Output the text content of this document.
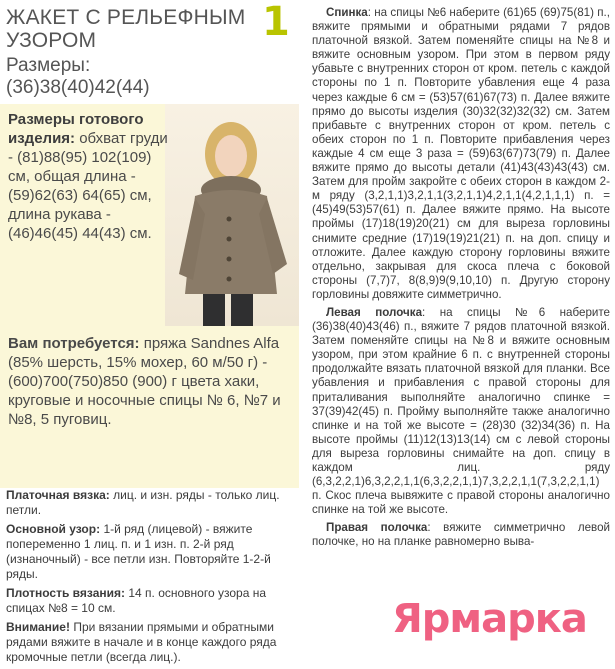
ЖАКЕТ С РЕЛЬЕФНЫМ УЗОРОМ	1
Размеры:
(36)38(40)42(44)
Размеры готового изделия: обхват груди - (81)88(95) 102(109) см, общая длина - (59)62(63) 64(65) см, длина рукава - (46)46(45) 44(43) см.
Вам потребуется: пряжа Sandnes Alfa (85% шерсть, 15% мохер, 60 м/50 г) - (600)700(750)850 (900) г цвета хаки, круговые и носочные спицы № 6, №7 и №8, 5 пуговиц.

Платочная вязка: лиц. и изн. ряды - только лиц. петли.

Основной узор: 1-й ряд (лицевой) - вяжите попеременно 1 лиц. п. и 1 изн. п. 2-й ряд (изнаночный) - все петли изн. Повторяйте 1-2-й ряды.

Плотность вязания: 14 п. основного узора на спицах №8 = 10 см.

Внимание! При вязании прямыми и обратными рядами вяжите в начале и в конце каждого ряда кромочные петли (всегда лиц.).

Спинка: на спицы №6 наберите (61)65 (69)75(81) п., вяжите прямыми и обратными рядами 7 рядов платочной вязкой. Затем поменяйте спицы на №8 и вяжите основным узором. При этом в первом ряду убавьте с внутренних сторон от кром. петель с каждой стороны по 1 п. Повторите убавления еще 4 раза через каждые 6 см = (53)57(61)67(73) п. Далее вяжите прямо до высоты изделия (30)32(32)32(32) см. Затем прибавьте с внутренних сторон от кром. петель с обеих сторон по 1 п. Повторите прибавления через каждые 4 см еще 3 раза = (59)63(67)73(79) п. Далее вяжите прямо до высоты детали (41)43(43)43(43) см. Затем для пройм закройте с обеих сторон в каждом 2-м ряду (3,2,1,1)3,2,1,1(3,2,1,1)4,2,1,1(4,2,1,1,1) п. = (45)49(53)57(61) п. Далее вяжите прямо. На высоте проймы (17)18(19)20(21) см для выреза горловины снимите средние (17)19(19)21(21) п. на доп. спицу и отложите. Далее каждую сторону горловины вяжите отдельно, закрывая для скоса плеча с боковой стороны (7,7)7, 8(8,9)9(9,10,10) п. Другую сторону горловины довяжите симметрично.

Левая полочка: на спицы №6 наберите (36)38(40)43(46) п., вяжите 7 рядов платочной вязкой. Затем поменяйте спицы на №8 и вяжите основным узором, при этом крайние 6 п. с внутренней стороны продолжайте вязать платочной вязкой для планки. Все убавления и прибавления с правой стороны для приталивания выполняйте аналогично спинке = 37(39)42(45) п. Пройму выполняйте также аналогично спинке и на той же высоте = (28)30 (32)34(36) п. На высоте проймы (11)12(13)13(14) см с левой стороны для выреза горловины снимайте на доп. спицу в каждом лиц. ряду (6,3,2,2,1)6,3,2,2,1,1(6,3,2,2,1,1)7,3,2,2,1,1(7,3,2,2,1,1) п. Скос плеча вывяжите с правой стороны аналогично спинке на той же высоте.

Правая полочка: вяжите симметрично левой полочке, но на планке равномерно выва-

Ярмарка
